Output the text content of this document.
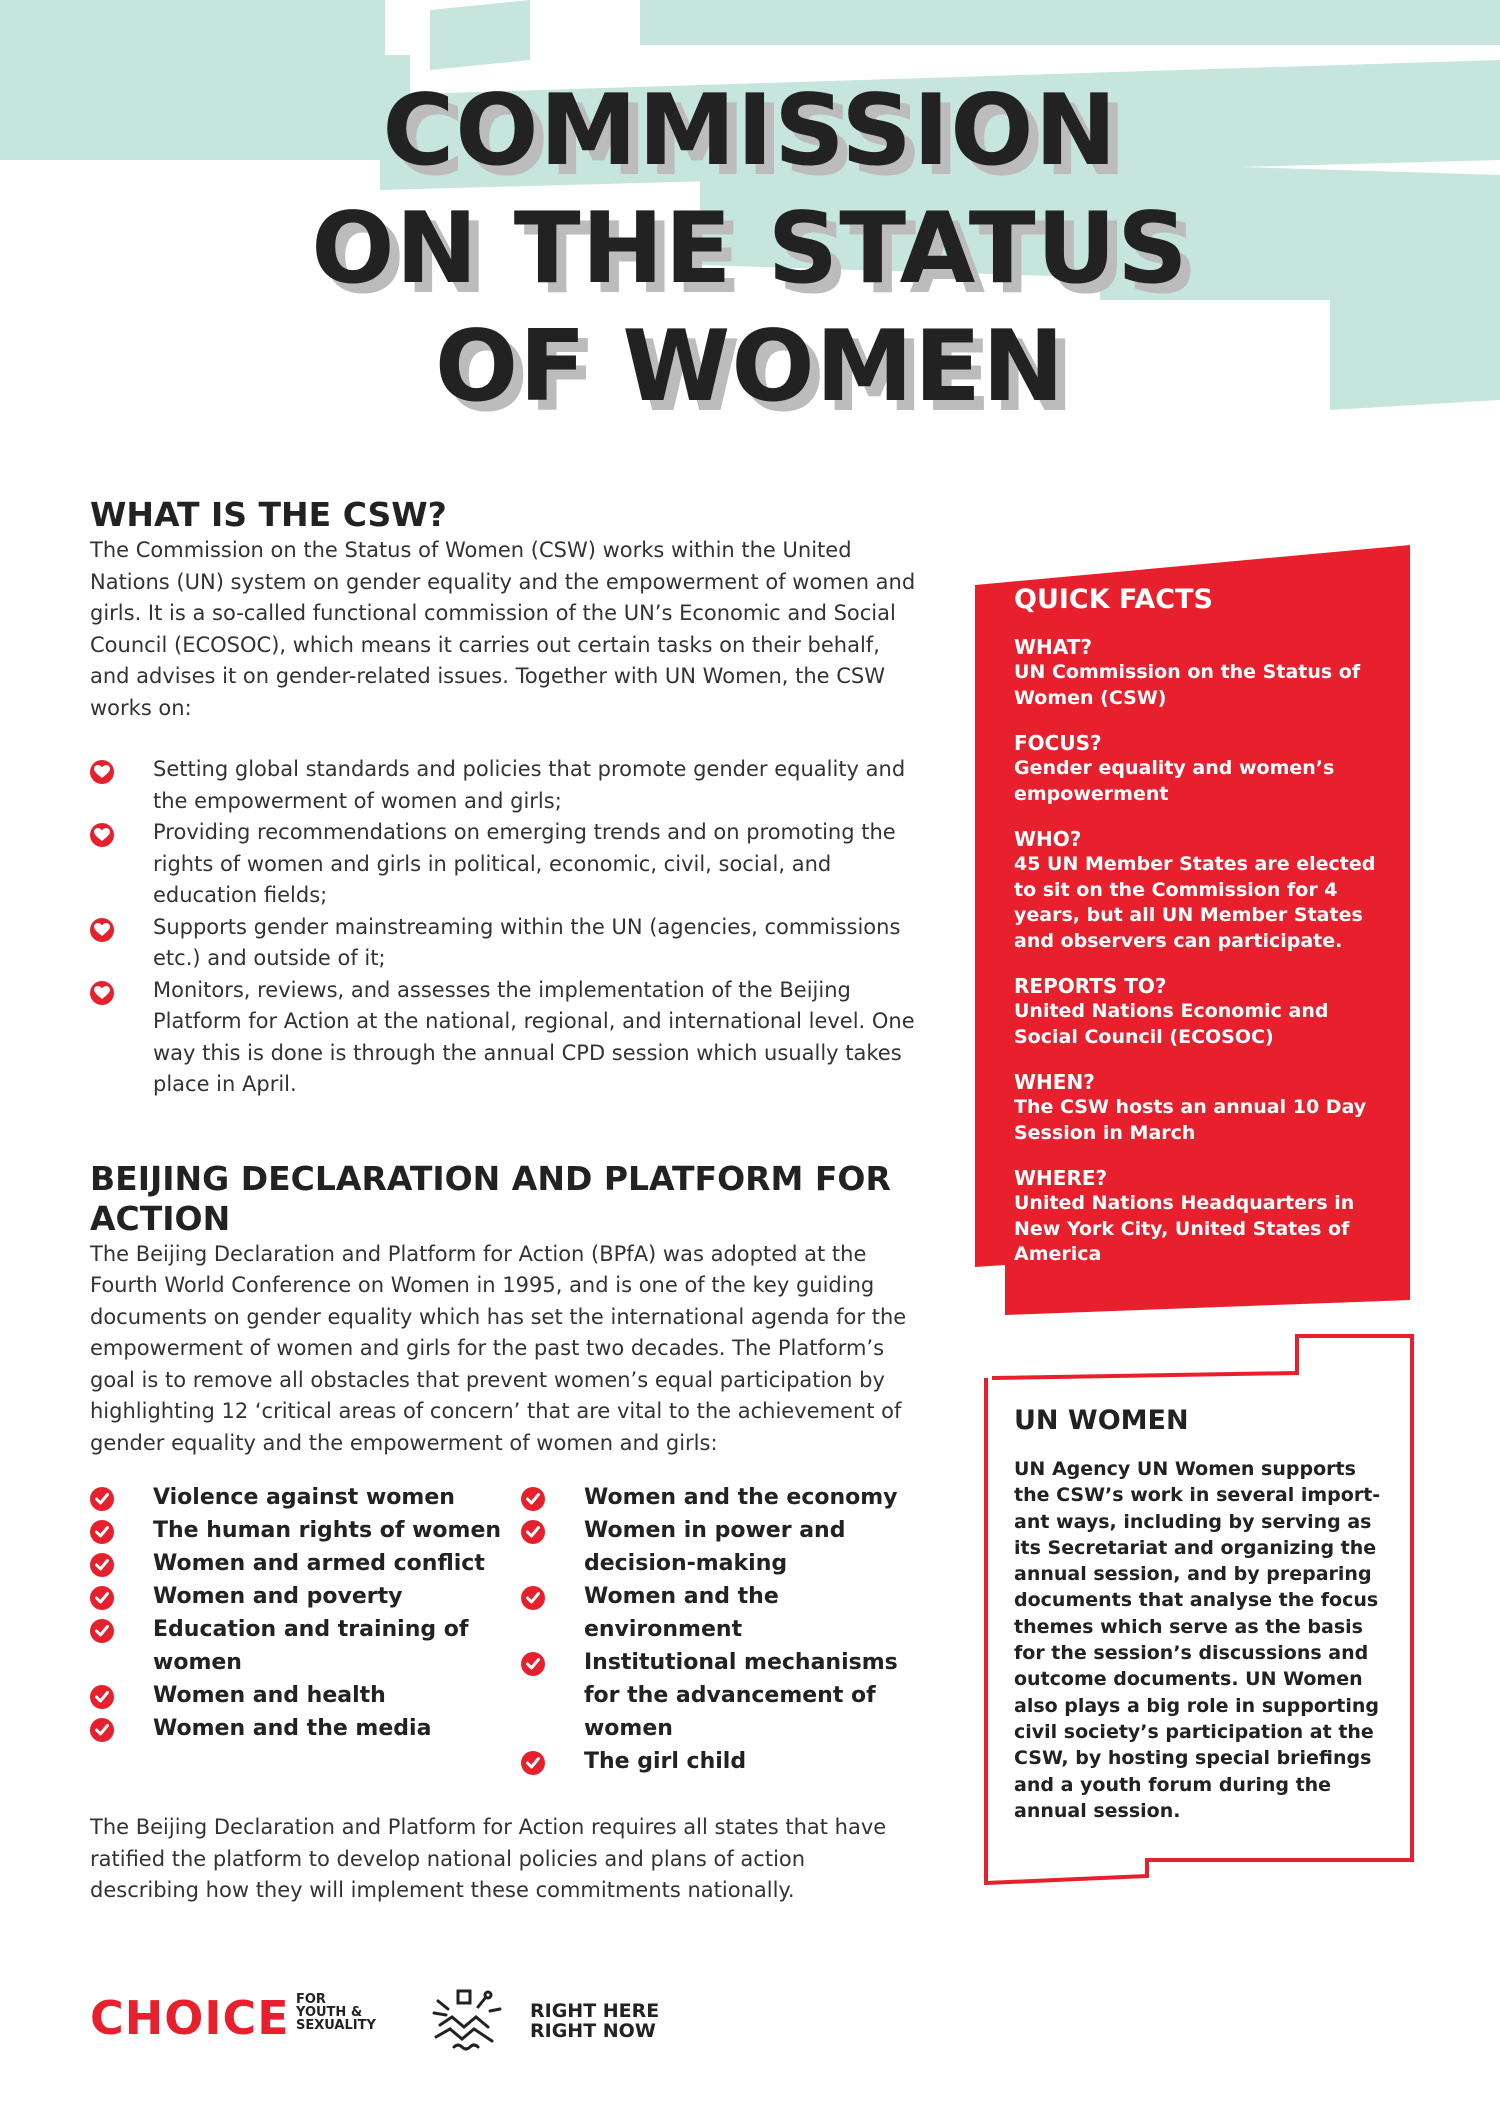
COMMISSION
ON THE STATUS
OF WOMEN
WHAT IS THE CSW?

The Commission on the Status of Women (CSW) works within the United Nations (UN) system on gender equality and the empowerment of women and girls. It is a so-called functional commission of the UN’s Economic and Social Council (ECOSOC), which means it carries out certain tasks on their behalf, and advises it on gender-related issues. Together with UN Women, the CSW works on:

Setting global standards and policies that promote gender equality and the empowerment of women and girls;
Providing recommendations on emerging trends and on promoting the rights of women and girls in political, economic, civil, social, and education fields;
Supports gender mainstreaming within the UN (agencies, commissions etc.) and outside of it;
Monitors, reviews, and assesses the implementation of the Beijing Platform for Action at the national, regional, and international level. One way this is done is through the annual CPD session which usually takes place in April.
BEIJING DECLARATION AND PLATFORM FOR ACTION

The Beijing Declaration and Platform for Action (BPfA) was adopted at the Fourth World Conference on Women in 1995, and is one of the key guiding documents on gender equality which has set the international agenda for the empowerment of women and girls for the past two decades. The Platform’s goal is to remove all obstacles that prevent women’s equal participation by highlighting 12 ‘critical areas of concern’ that are vital to the achievement of gender equality and the empowerment of women and girls:

Violence against women
The human rights of women
Women and armed conflict
Women and poverty
Education and training of women
Women and health
Women and the media
Women and the economy
Women in power and decision-making
Women and the environment
Institutional mechanisms for the advancement of women
The girl child

The Beijing Declaration and Platform for Action requires all states that have ratified the platform to develop national policies and plans of action describing how they will implement these commitments nationally.

QUICK FACTS
WHAT?
UN Commission on the Status of Women (CSW)
FOCUS?
Gender equality and women’s empowerment
WHO?
45 UN Member States are elected to sit on the Commission for 4 years, but all UN Member States and observers can participate.
REPORTS TO?
United Nations Economic and Social Council (ECOSOC)
WHEN?
The CSW hosts an annual 10 Day Session in March
WHERE?
United Nations Headquarters in New York City, United States of America
UN WOMEN

UN Agency UN Women supports the CSW’s work in several import-ant ways, including by serving as its Secretariat and organizing the annual session, and by preparing documents that analyse the focus themes which serve as the basis for the session’s discussions and outcome documents. UN Women also plays a big role in supporting civil society’s participation at the CSW, by hosting special briefings and a youth forum during the annual session.

CHOICE FOR
YOUTH &
SEXUALITY
RIGHT HERE
RIGHT NOW
